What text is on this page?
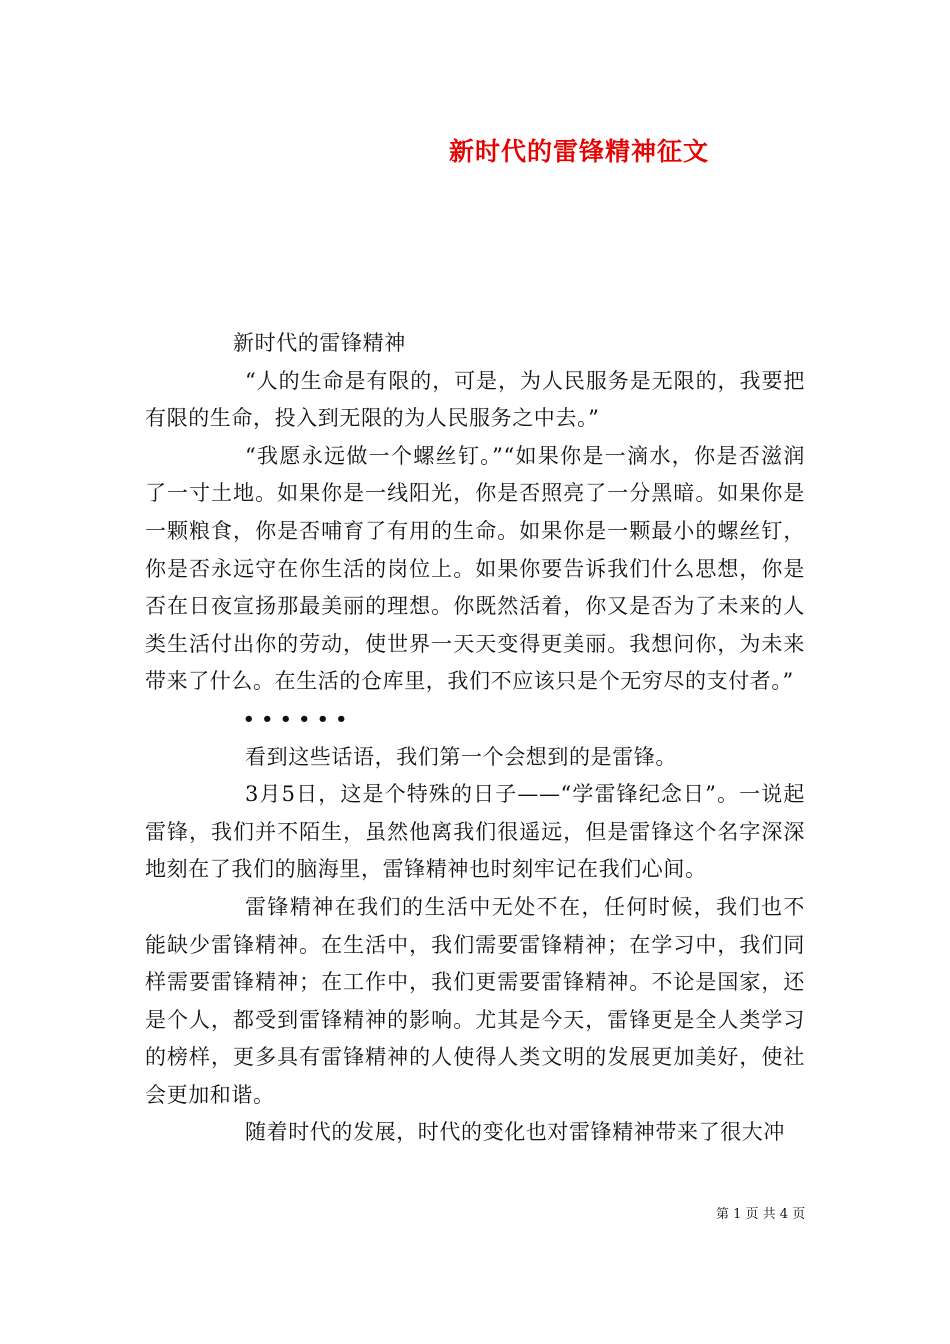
新时代的雷锋精神征文

新时代的雷锋精神

“人的生命是有限的，可是，为人民服务是无限的，我要把有限的生命，投入到无限的为人民服务之中去。”

“我愿永远做一个螺丝钉。”“如果你是一滴水，你是否滋润了一寸土地。如果你是一线阳光，你是否照亮了一分黑暗。如果你是一颗粮食，你是否哺育了有用的生命。如果你是一颗最小的螺丝钉，你是否永远守在你生活的岗位上。如果你要告诉我们什么思想，你是否在日夜宣扬那最美丽的理想。你既然活着，你又是否为了未来的人类生活付出你的劳动，使世界一天天变得更美丽。我想问你，为未来带来了什么。在生活的仓库里，我们不应该只是个无穷尽的支付者。”

••••••

看到这些话语，我们第一个会想到的是雷锋。

3月5日，这是个特殊的日子——“学雷锋纪念日”。一说起雷锋，我们并不陌生，虽然他离我们很遥远，但是雷锋这个名字深深地刻在了我们的脑海里，雷锋精神也时刻牢记在我们心间。

雷锋精神在我们的生活中无处不在，任何时候，我们也不能缺少雷锋精神。在生活中，我们需要雷锋精神；在学习中，我们同样需要雷锋精神；在工作中，我们更需要雷锋精神。不论是国家，还是个人，都受到雷锋精神的影响。尤其是今天，雷锋更是全人类学习的榜样，更多具有雷锋精神的人使得人类文明的发展更加美好，使社会更加和谐。

随着时代的发展，时代的变化也对雷锋精神带来了很大冲

第 1 页 共 4 页
